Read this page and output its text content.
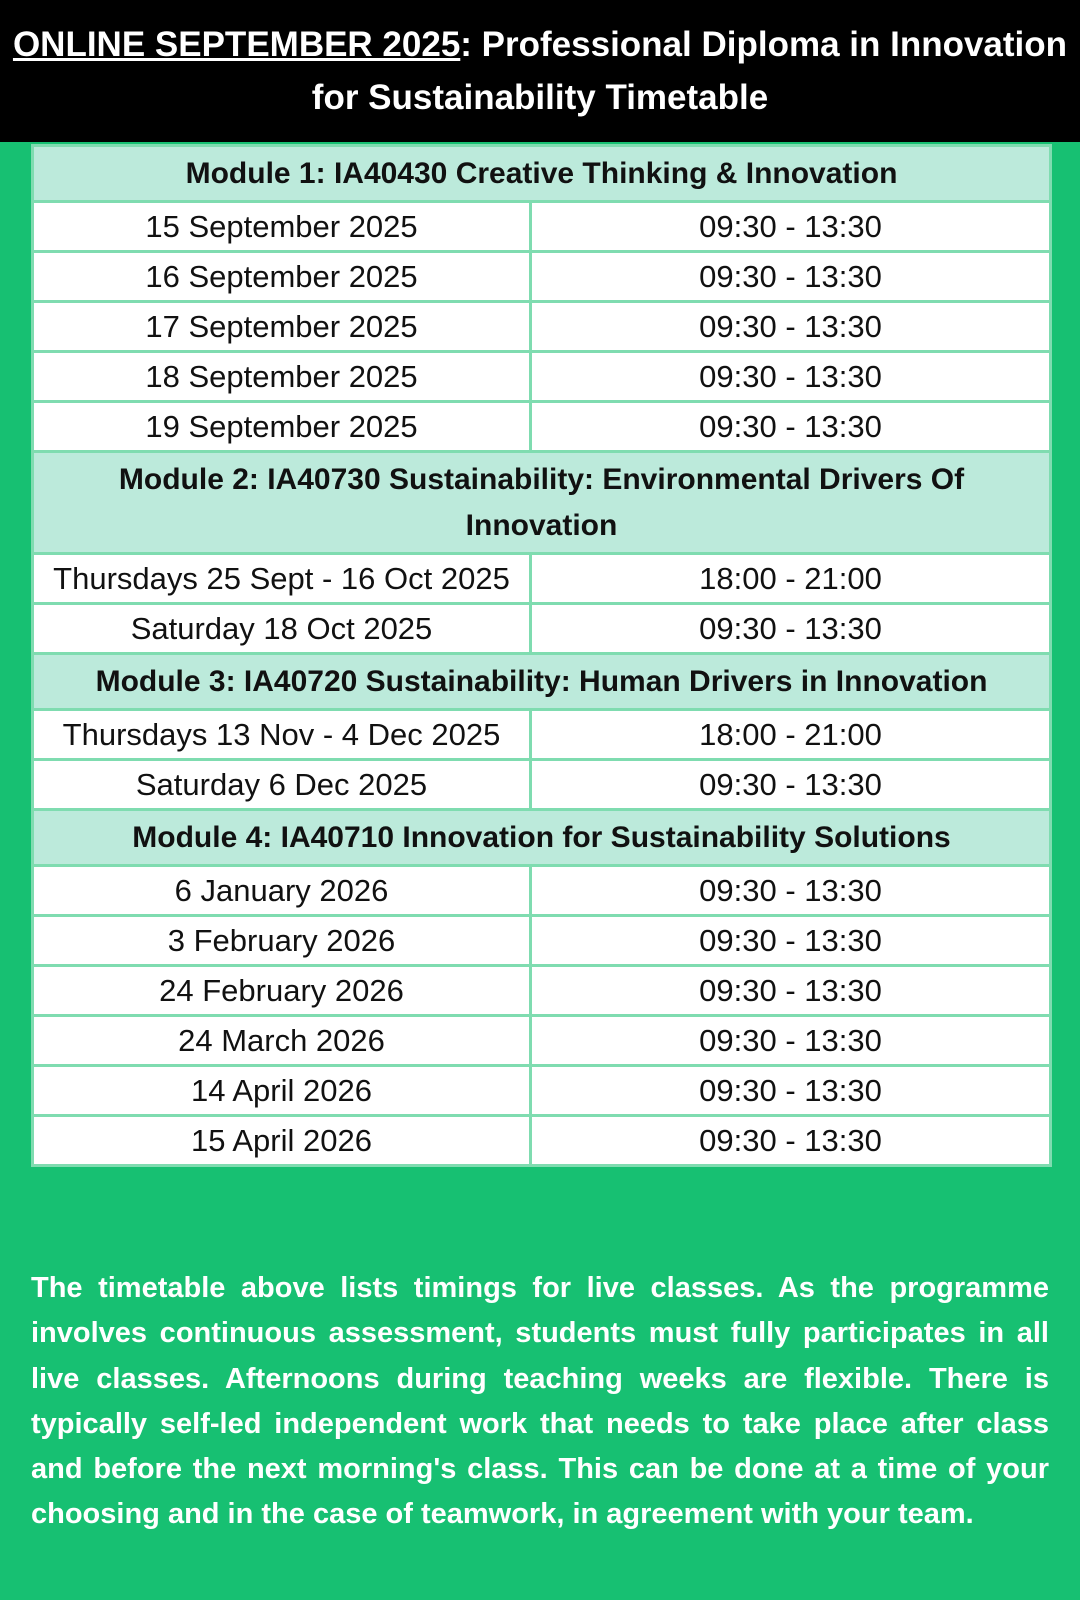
ONLINE SEPTEMBER 2025: Professional Diploma in Innovation for Sustainability Timetable
Module 1: IA40430 Creative Thinking & Innovation	
15 September 2025	09:30 - 13:30
16 September 2025	09:30 - 13:30
17 September 2025	09:30 - 13:30
18 September 2025	09:30 - 13:30
19 September 2025	09:30 - 13:30
Module 2: IA40730 Sustainability: Environmental Drivers Of Innovation	
Thursdays 25 Sept - 16 Oct 2025	18:00 - 21:00
Saturday 18 Oct 2025	09:30 - 13:30
Module 3: IA40720 Sustainability: Human Drivers in Innovation	
Thursdays 13 Nov - 4 Dec 2025	18:00 - 21:00
Saturday 6 Dec 2025	09:30 - 13:30
Module 4: IA40710 Innovation for Sustainability Solutions	
6 January 2026	09:30 - 13:30
3 February 2026	09:30 - 13:30
24 February 2026	09:30 - 13:30
24 March 2026	09:30 - 13:30
14 April 2026	09:30 - 13:30
15 April 2026	09:30 - 13:30

The timetable above lists timings for live classes. As the programme involves continuous assessment, students must fully participates in all live classes. Afternoons during teaching weeks are flexible. There is typically self-led independent work that needs to take place after class and before the next morning's class. This can be done at a time of your choosing and in the case of teamwork, in agreement with your team.
